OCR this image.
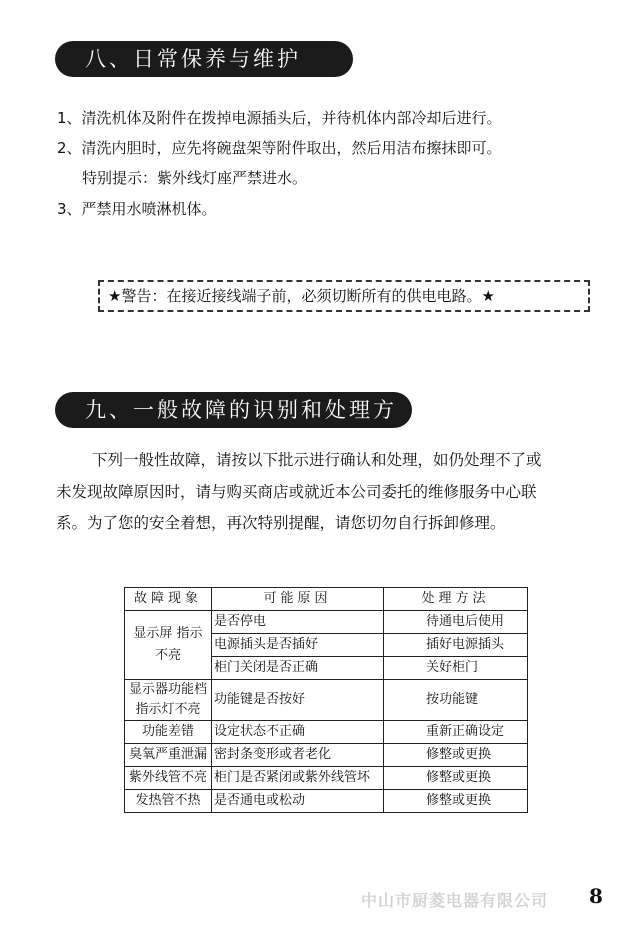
八、日常保养与维护
1、清洗机体及附件在拨掉电源插头后，并待机体内部冷却后进行。
2、清洗内胆时，应先将碗盘架等附件取出，然后用洁布擦抹即可。
特别提示：紫外线灯座严禁进水。
3、严禁用水喷淋机体。
★警告：在接近接线端子前，必须切断所有的供电电路。★
九、一般故障的识别和处理方法
下列一般性故障，请按以下批示进行确认和处理，如仍处理不了或
未发现故障原因时，请与购买商店或就近本公司委托的维修服务中心联
系。为了您的安全着想，再次特别提醒，请您切勿自行拆卸修理。
故障现象	可能原因	处理方法
显示屏 指示不亮	是否停电	待通电后使用
	电源插头是否插好	插好电源插头
	柜门关闭是否正确	关好柜门
显示器功能档 指示灯不亮	功能键是否按好	按功能键
功能差错	设定状态不正确	重新正确设定
臭氧严重泄漏	密封条变形或者老化	修整或更换
紫外线管不亮	柜门是否紧闭或紫外线管坏	修整或更换
发热管不热	是否通电或松动	修整或更换
中山市厨菱电器有限公司 8
